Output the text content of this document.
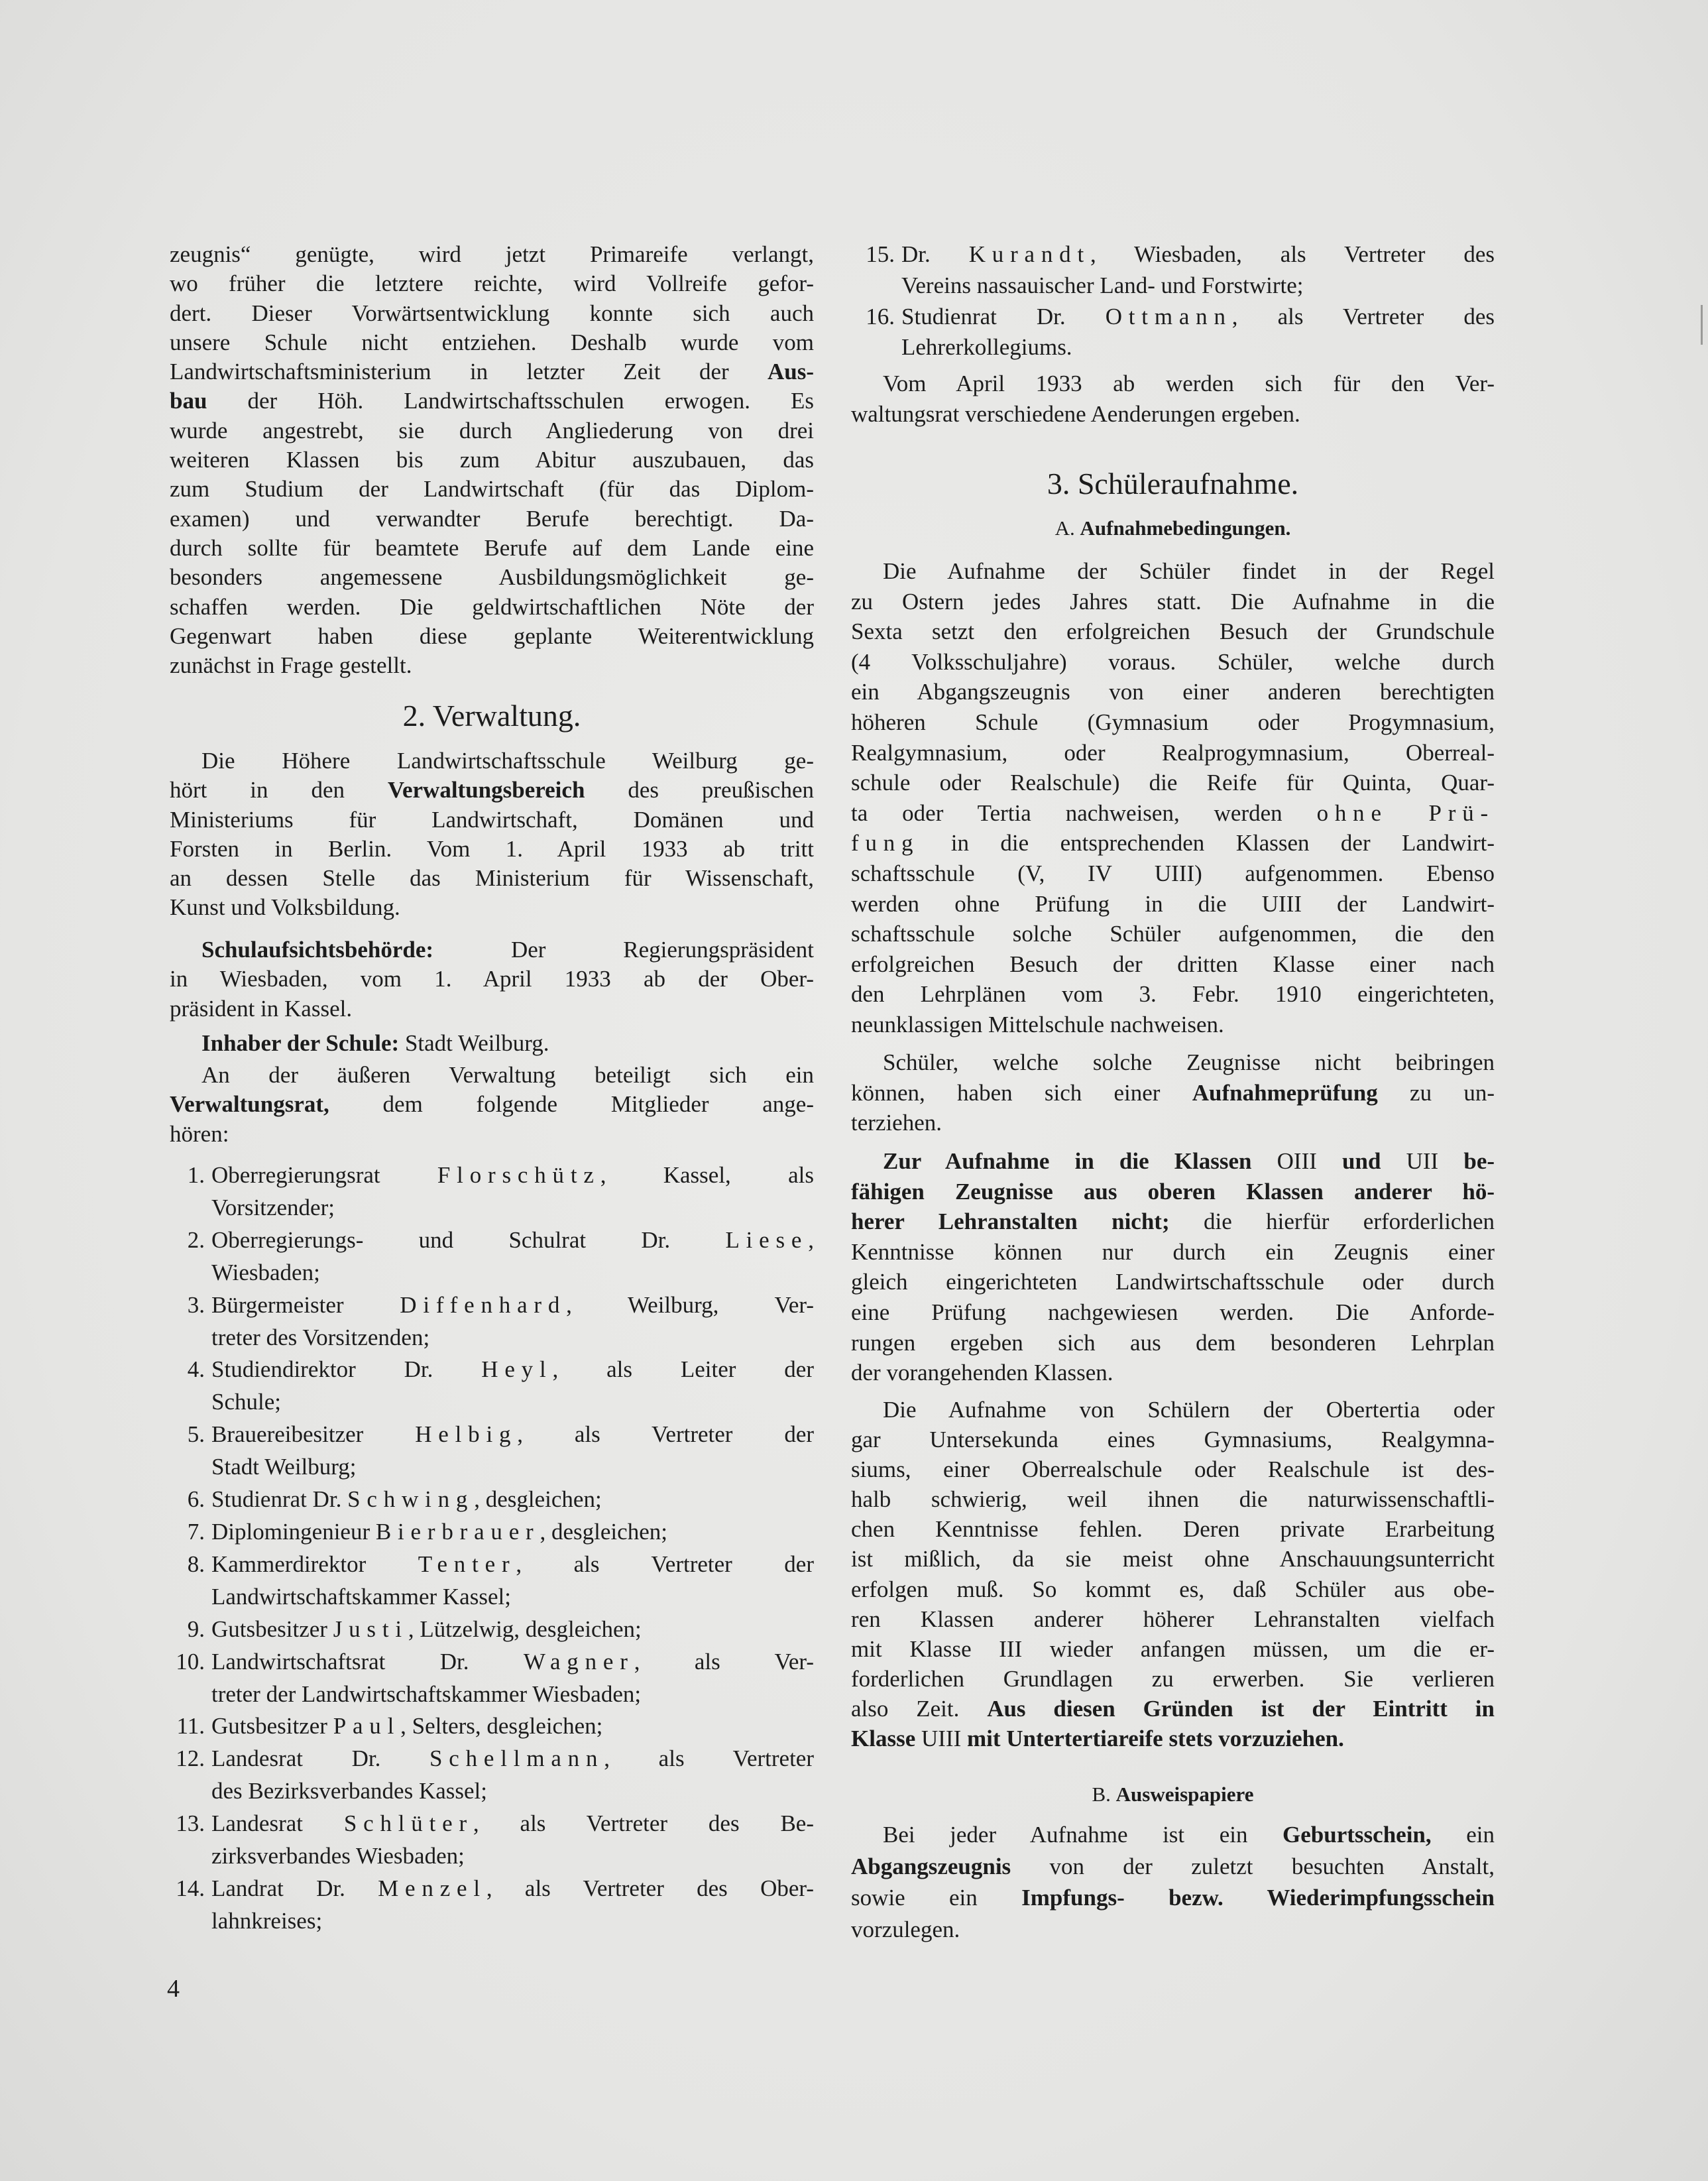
zeugnis“ genügte, wird jetzt Primareife verlangt,
wo früher die letztere reichte, wird Vollreife gefor-
dert. Dieser Vorwärtsentwicklung konnte sich auch
unsere Schule nicht entziehen. Deshalb wurde vom
Landwirtschaftsministerium in letzter Zeit der Aus-
bau der Höh. Landwirtschaftsschulen erwogen. Es
wurde angestrebt, sie durch Angliederung von drei
weiteren Klassen bis zum Abitur auszubauen, das
zum Studium der Landwirtschaft (für das Diplom-
examen) und verwandter Berufe berechtigt. Da-
durch sollte für beamtete Berufe auf dem Lande eine
besonders angemessene Ausbildungsmöglichkeit ge-
schaffen werden. Die geldwirtschaftlichen Nöte der
Gegenwart haben diese geplante Weiterentwicklung
zunächst in Frage gestellt.
2. Verwaltung.
Die Höhere Landwirtschaftsschule Weilburg ge-
hört in den Verwaltungsbereich des preußischen
Ministeriums für Landwirtschaft, Domänen und
Forsten in Berlin. Vom 1. April 1933 ab tritt
an dessen Stelle das Ministerium für Wissenschaft,
Kunst und Volksbildung.
Schulaufsichtsbehörde: Der Regierungspräsident
in Wiesbaden, vom 1. April 1933 ab der Ober-
präsident in Kassel.
Inhaber der Schule: Stadt Weilburg.
An der äußeren Verwaltung beteiligt sich ein
Verwaltungsrat, dem folgende Mitglieder ange-
hören:
1. Oberregierungsrat Florschütz, Kassel, als
Vorsitzender;
2. Oberregierungs- und Schulrat Dr. Liese,
Wiesbaden;
3. Bürgermeister Diffenhard, Weilburg, Ver-
treter des Vorsitzenden;
4. Studiendirektor Dr. Heyl, als Leiter der
Schule;
5. Brauereibesitzer Helbig, als Vertreter der
Stadt Weilburg;
6. Studienrat Dr. Schwing, desgleichen;
7. Diplomingenieur Bierbrauer, desgleichen;
8. Kammerdirektor Tenter, als Vertreter der
Landwirtschaftskammer Kassel;
9. Gutsbesitzer Justi, Lützelwig, desgleichen;
10. Landwirtschaftsrat Dr. Wagner, als Ver-
treter der Landwirtschaftskammer Wiesbaden;
11. Gutsbesitzer Paul, Selters, desgleichen;
12. Landesrat Dr. Schellmann, als Vertreter
des Bezirksverbandes Kassel;
13. Landesrat Schlüter, als Vertreter des Be-
zirksverbandes Wiesbaden;
14. Landrat Dr. Menzel, als Vertreter des Ober-
lahnkreises;
15. Dr. Kurandt, Wiesbaden, als Vertreter des
Vereins nassauischer Land- und Forstwirte;
16. Studienrat Dr. Ottmann, als Vertreter des
Lehrerkollegiums.
Vom April 1933 ab werden sich für den Ver-
waltungsrat verschiedene Aenderungen ergeben.
3. Schüleraufnahme.
A. Aufnahmebedingungen.
Die Aufnahme der Schüler findet in der Regel
zu Ostern jedes Jahres statt. Die Aufnahme in die
Sexta setzt den erfolgreichen Besuch der Grundschule
(4 Volksschuljahre) voraus. Schüler, welche durch
ein Abgangszeugnis von einer anderen berechtigten
höheren Schule (Gymnasium oder Progymnasium,
Realgymnasium, oder Realprogymnasium, Oberreal-
schule oder Realschule) die Reife für Quinta, Quar-
ta oder Tertia nachweisen, werden ohne Prü-
fung in die entsprechenden Klassen der Landwirt-
schaftsschule (V, IV UIII) aufgenommen. Ebenso
werden ohne Prüfung in die UIII der Landwirt-
schaftsschule solche Schüler aufgenommen, die den
erfolgreichen Besuch der dritten Klasse einer nach
den Lehrplänen vom 3. Febr. 1910 eingerichteten,
neunklassigen Mittelschule nachweisen.
Schüler, welche solche Zeugnisse nicht beibringen
können, haben sich einer Aufnahmeprüfung zu un-
terziehen.
Zur Aufnahme in die Klassen OIII und UII be-
fähigen Zeugnisse aus oberen Klassen anderer hö-
herer Lehranstalten nicht; die hierfür erforderlichen
Kenntnisse können nur durch ein Zeugnis einer
gleich eingerichteten Landwirtschaftsschule oder durch
eine Prüfung nachgewiesen werden. Die Anforde-
rungen ergeben sich aus dem besonderen Lehrplan
der vorangehenden Klassen.
Die Aufnahme von Schülern der Obertertia oder
gar Untersekunda eines Gymnasiums, Realgymna-
siums, einer Oberrealschule oder Realschule ist des-
halb schwierig, weil ihnen die naturwissenschaftli-
chen Kenntnisse fehlen. Deren private Erarbeitung
ist mißlich, da sie meist ohne Anschauungsunterricht
erfolgen muß. So kommt es, daß Schüler aus obe-
ren Klassen anderer höherer Lehranstalten vielfach
mit Klasse III wieder anfangen müssen, um die er-
forderlichen Grundlagen zu erwerben. Sie verlieren
also Zeit. Aus diesen Gründen ist der Eintritt in
Klasse UIII mit Untertertiareife stets vorzuziehen.
B. Ausweispapiere
Bei jeder Aufnahme ist ein Geburtsschein, ein
Abgangszeugnis von der zuletzt besuchten Anstalt,
sowie ein Impfungs- bezw. Wiederimpfungsschein
vorzulegen.
4
